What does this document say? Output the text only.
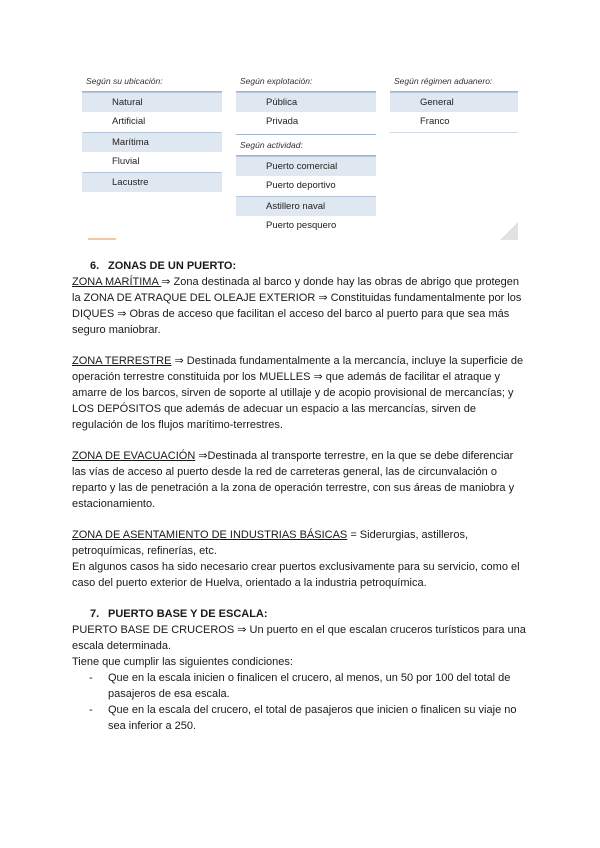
Según su ubicación:
Natural
Artificial
Marítima
Fluvial
Lacustre
Según explotación:
Pública
Privada
Según actividad:
Puerto comercial
Puerto deportivo
Astillero naval
Puerto pesquero
Según régimen aduanero:
General
Franco
6. ZONAS DE UN PUERTO:

ZONA MARÍTIMA ⇒ Zona destinada al barco y donde hay las obras de abrigo que protegen la ZONA DE ATRAQUE DEL OLEAJE EXTERIOR ⇒ Constituidas fundamentalmente por los DIQUES ⇒ Obras de acceso que facilitan el acceso del barco al puerto para que sea más seguro maniobrar.

ZONA TERRESTRE ⇒ Destinada fundamentalmente a la mercancía, incluye la superficie de operación terrestre constituida por los MUELLES ⇒ que además de facilitar el atraque y amarre de los barcos, sirven de soporte al utillaje y de acopio provisional de mercancías; y LOS DEPÓSITOS que además de adecuar un espacio a las mercancías, sirven de regulación de los flujos marítimo-terrestres.

ZONA DE EVACUACIÓN ⇒Destinada al transporte terrestre, en la que se debe diferenciar las vías de acceso al puerto desde la red de carreteras general, las de circunvalación o reparto y las de penetración a la zona de operación terrestre, con sus áreas de maniobra y estacionamiento.

ZONA DE ASENTAMIENTO DE INDUSTRIAS BÁSICAS = Siderurgias, astilleros, petroquímicas, refinerías, etc.

En algunos casos ha sido necesario crear puertos exclusivamente para su servicio, como el caso del puerto exterior de Huelva, orientado a la industria petroquímica.

7. PUERTO BASE Y DE ESCALA:

PUERTO BASE DE CRUCEROS ⇒ Un puerto en el que escalan cruceros turísticos para una escala determinada.

Tiene que cumplir las siguientes condiciones:

- Que en la escala inicien o finalicen el crucero, al menos, un 50 por 100 del total de pasajeros de esa escala.
- Que en la escala del crucero, el total de pasajeros que inicien o finalicen su viaje no sea inferior a 250.
